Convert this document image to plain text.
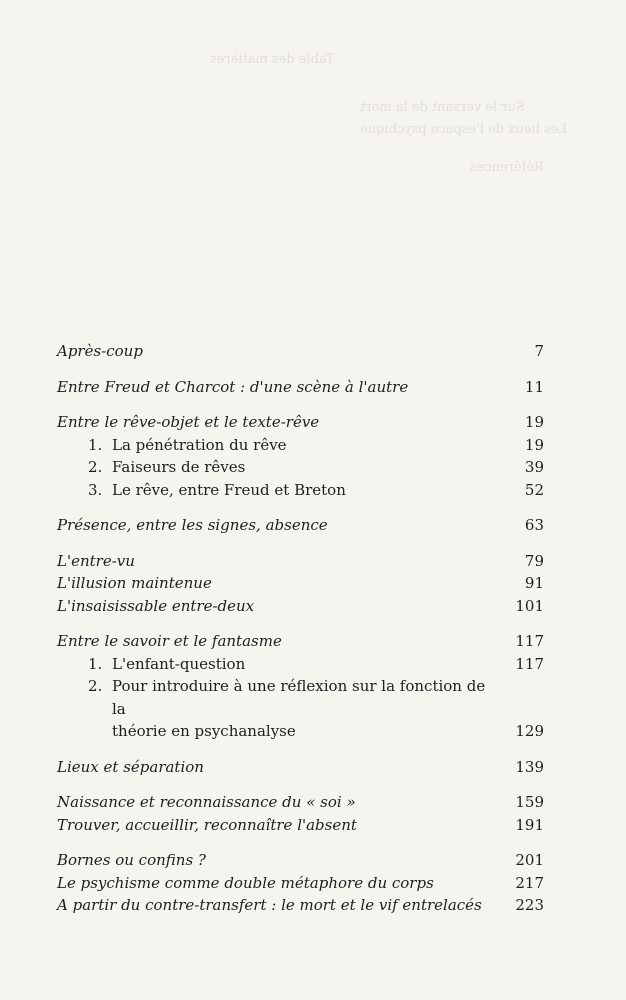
Table des matières
Sur le versant de la mort
Les lieux de l'espace psychique
Références
Après-coup	7
Entre Freud et Charcot : d'une scène à l'autre	11
Entre le rêve-objet et le texte-rêve	19
1. La pénétration du rêve	19
2. Faiseurs de rêves	39
3. Le rêve, entre Freud et Breton	52
Présence, entre les signes, absence	63
L'entre-vu	79
L'illusion maintenue	91
L'insaisissable entre-deux	101
Entre le savoir et le fantasme	117
1. L'enfant-question	117
2. Pour introduire à une réflexion sur la fonction de la
théorie en psychanalyse	129
Lieux et séparation	139
Naissance et reconnaissance du « soi »	159
Trouver, accueillir, reconnaître l'absent	191
Bornes ou confins ?	201
Le psychisme comme double métaphore du corps	217
A partir du contre-transfert : le mort et le vif entrelacés	223
